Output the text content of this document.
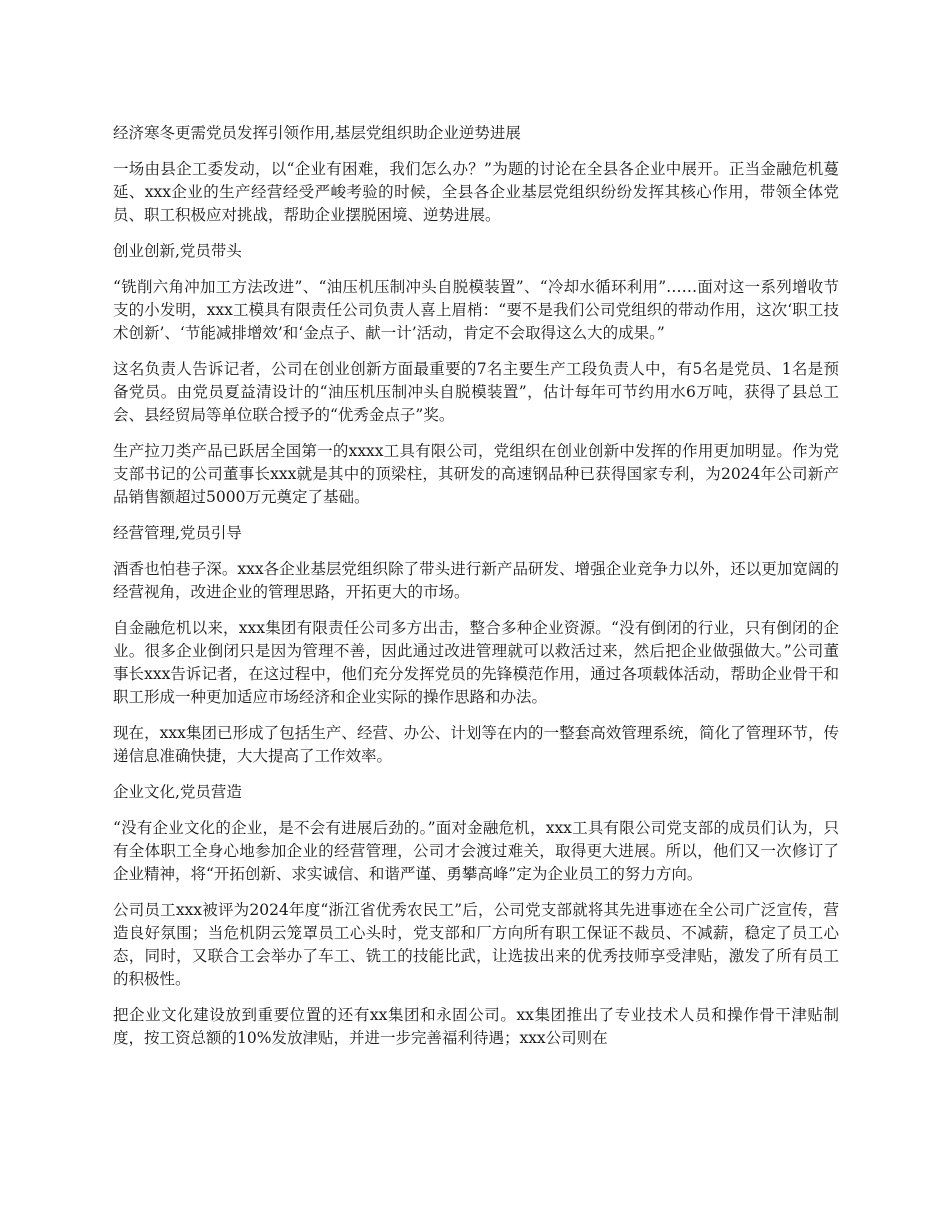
经济寒冬更需党员发挥引领作用,基层党组织助企业逆势进展

一场由县企工委发动，以“企业有困难，我们怎么办？”为题的讨论在全县各企业中展开。正当金融危机蔓延、xxx企业的生产经营经受严峻考验的时候，全县各企业基层党组织纷纷发挥其核心作用，带领全体党员、职工积极应对挑战，帮助企业摆脱困境、逆势进展。

创业创新,党员带头

“铣削六角冲加工方法改进”、“油压机压制冲头自脱模装置”、“冷却水循环利用”……面对这一系列增收节支的小发明，xxx工模具有限责任公司负责人喜上眉梢：“要不是我们公司党组织的带动作用，这次‘职工技术创新’、‘节能减排增效’和‘金点子、献一计’活动，肯定不会取得这么大的成果。”

这名负责人告诉记者，公司在创业创新方面最重要的7名主要生产工段负责人中，有5名是党员、1名是预备党员。由党员夏益清设计的“油压机压制冲头自脱模装置”，估计每年可节约用水6万吨，获得了县总工会、县经贸局等单位联合授予的“优秀金点子”奖。

生产拉刀类产品已跃居全国第一的xxxx工具有限公司，党组织在创业创新中发挥的作用更加明显。作为党支部书记的公司董事长xxx就是其中的顶梁柱，其研发的高速钢品种已获得国家专利，为2024年公司新产品销售额超过5000万元奠定了基础。

经营管理,党员引导

酒香也怕巷子深。xxx各企业基层党组织除了带头进行新产品研发、增强企业竞争力以外，还以更加宽阔的经营视角，改进企业的管理思路，开拓更大的市场。

自金融危机以来，xxx集团有限责任公司多方出击，整合多种企业资源。“没有倒闭的行业，只有倒闭的企业。很多企业倒闭只是因为管理不善，因此通过改进管理就可以救活过来，然后把企业做强做大。”公司董事长xxx告诉记者，在这过程中，他们充分发挥党员的先锋模范作用，通过各项载体活动，帮助企业骨干和职工形成一种更加适应市场经济和企业实际的操作思路和办法。

现在，xxx集团已形成了包括生产、经营、办公、计划等在内的一整套高效管理系统，简化了管理环节，传递信息准确快捷，大大提高了工作效率。

企业文化,党员营造

“没有企业文化的企业，是不会有进展后劲的。”面对金融危机，xxx工具有限公司党支部的成员们认为，只有全体职工全身心地参加企业的经营管理，公司才会渡过难关，取得更大进展。所以，他们又一次修订了企业精神，将“开拓创新、求实诚信、和谐严谨、勇攀高峰”定为企业员工的努力方向。

公司员工xxx被评为2024年度“浙江省优秀农民工”后，公司党支部就将其先进事迹在全公司广泛宣传，营造良好氛围；当危机阴云笼罩员工心头时，党支部和厂方向所有职工保证不裁员、不减薪，稳定了员工心态，同时，又联合工会举办了车工、铣工的技能比武，让选拔出来的优秀技师享受津贴，激发了所有员工的积极性。

把企业文化建设放到重要位置的还有xx集团和永固公司。xx集团推出了专业技术人员和操作骨干津贴制度，按工资总额的10%发放津贴，并进一步完善福利待遇；xxx公司则在
